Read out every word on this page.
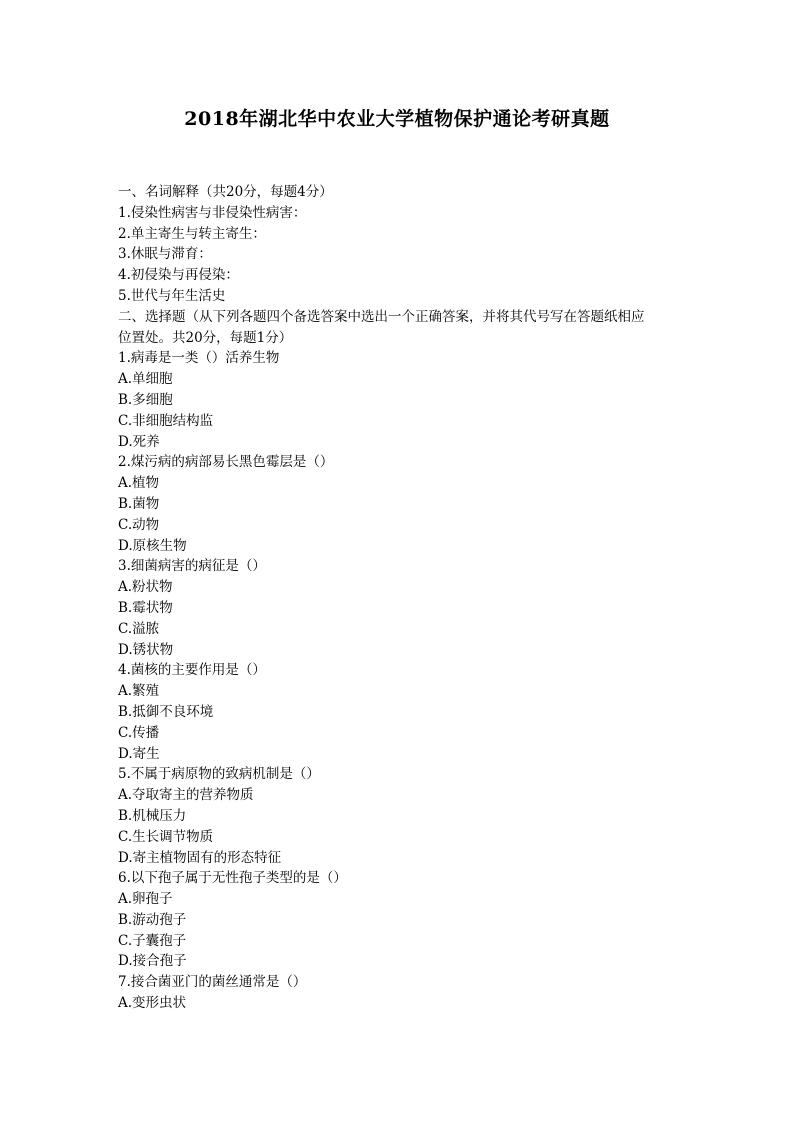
2018年湖北华中农业大学植物保护通论考研真题
一、名词解释（共20分，每题4分）
1.侵染性病害与非侵染性病害：
2.单主寄生与转主寄生：
3.休眠与滞育：
4.初侵染与再侵染：
5.世代与年生活史
二、选择题（从下列各题四个备选答案中选出一个正确答案，并将其代号写在答题纸相应
位置处。共20分，每题1分）
1.病毒是一类（）活养生物
A.单细胞
B.多细胞
C.非细胞结构监
D.死养
2.煤污病的病部易长黑色霉层是（）
A.植物
B.菌物
C.动物
D.原核生物
3.细菌病害的病征是（）
A.粉状物
B.霉状物
C.溢脓
D.锈状物
4.菌核的主要作用是（）
A.繁殖
B.抵御不良环境
C.传播
D.寄生
5.不属于病原物的致病机制是（）
A.夺取寄主的营养物质
B.机械压力
C.生长调节物质
D.寄主植物固有的形态特征
6.以下孢子属于无性孢子类型的是（）
A.卵孢子
B.游动孢子
C.子囊孢子
D.接合孢子
7.接合菌亚门的菌丝通常是（）
A.变形虫状
